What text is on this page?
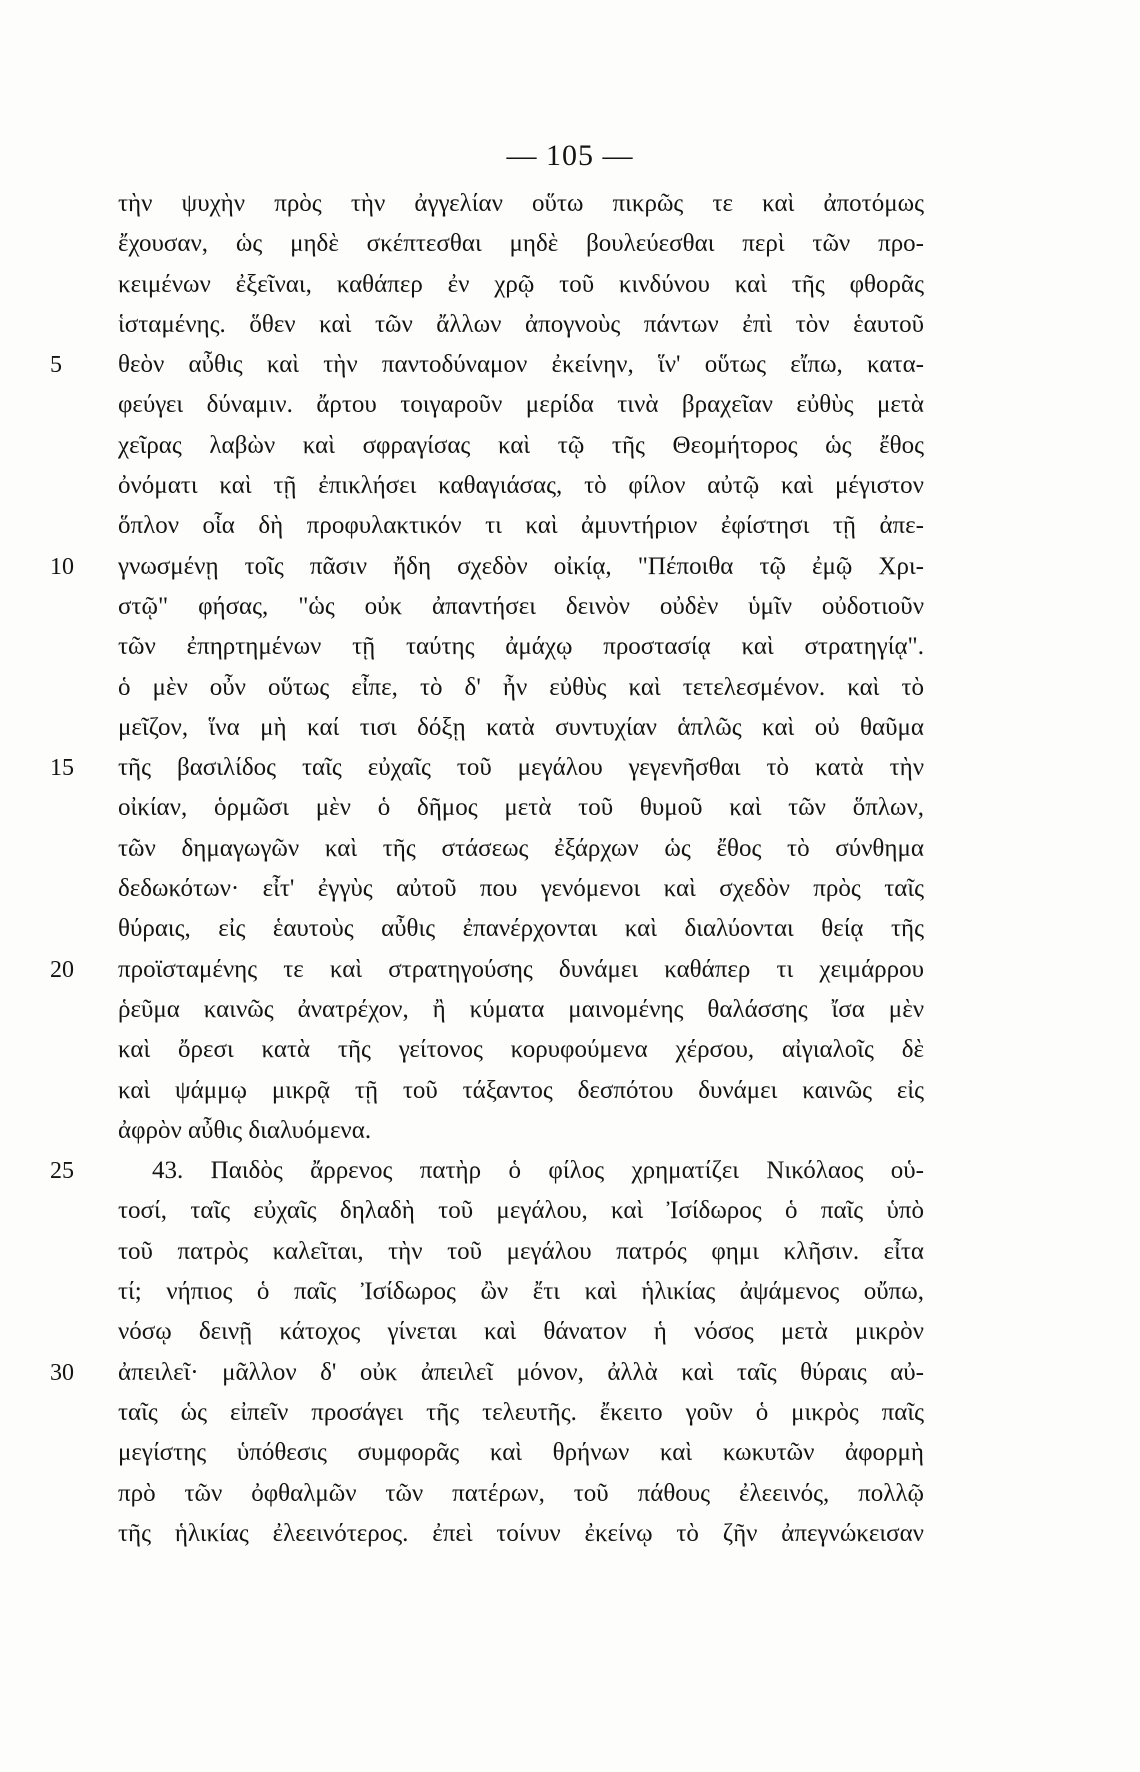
— 105 —
τὴν ψυχὴν πρὸς τὴν ἀγγελίαν οὕτω πικρῶς τε καὶ ἀποτόμως
ἔχουσαν, ὡς μηδὲ σκέπτεσθαι μηδὲ βουλεύεσθαι περὶ τῶν προ-
κειμένων ἐξεῖναι, καθάπερ ἐν χρῷ τοῦ κινδύνου καὶ τῆς φθορᾶς
ἱσταμένης. ὅθεν καὶ τῶν ἄλλων ἀπογνοὺς πάντων ἐπὶ τὸν ἑαυτοῦ
5	θεὸν αὖθις καὶ τὴν παντοδύναμον ἐκείνην, ἵν' οὕτως εἴπω, κατα-
φεύγει δύναμιν. ἄρτου τοιγαροῦν μερίδα τινὰ βραχεῖαν εὐθὺς μετὰ
χεῖρας λαβὼν καὶ σφραγίσας καὶ τῷ τῆς Θεομήτορος ὡς ἔθος
ὀνόματι καὶ τῇ ἐπικλήσει καθαγιάσας, τὸ φίλον αὐτῷ καὶ μέγιστον
ὅπλον οἷα δὴ προφυλακτικόν τι καὶ ἀμυντήριον ἐφίστησι τῇ ἀπε-
10	γνωσμένῃ τοῖς πᾶσιν ἤδη σχεδὸν οἰκίᾳ, "Πέποιθα τῷ ἐμῷ Χρι-
στῷ" φήσας, "ὡς οὐκ ἀπαντήσει δεινὸν οὐδὲν ὑμῖν οὐδοτιοῦν
τῶν ἐπηρτημένων τῇ ταύτης ἀμάχῳ προστασίᾳ καὶ στρατηγίᾳ".
ὁ μὲν οὖν οὕτως εἶπε, τὸ δ' ἦν εὐθὺς καὶ τετελεσμένον. καὶ τὸ
μεῖζον, ἵνα μὴ καί τισι δόξῃ κατὰ συντυχίαν ἁπλῶς καὶ οὐ θαῦμα
15	τῆς βασιλίδος ταῖς εὐχαῖς τοῦ μεγάλου γεγενῆσθαι τὸ κατὰ τὴν
οἰκίαν, ὁρμῶσι μὲν ὁ δῆμος μετὰ τοῦ θυμοῦ καὶ τῶν ὅπλων,
τῶν δημαγωγῶν καὶ τῆς στάσεως ἐξάρχων ὡς ἔθος τὸ σύνθημα
δεδωκότων· εἶτ' ἐγγὺς αὐτοῦ που γενόμενοι καὶ σχεδὸν πρὸς ταῖς
θύραις, εἰς ἑαυτοὺς αὖθις ἐπανέρχονται καὶ διαλύονται θείᾳ τῆς
20	προϊσταμένης τε καὶ στρατηγούσης δυνάμει καθάπερ τι χειμάρρου
ῥεῦμα καινῶς ἀνατρέχον, ἢ κύματα μαινομένης θαλάσσης ἴσα μὲν
καὶ ὄρεσι κατὰ τῆς γείτονος κορυφούμενα χέρσου, αἰγιαλοῖς δὲ
καὶ ψάμμῳ μικρᾷ τῇ τοῦ τάξαντος δεσπότου δυνάμει καινῶς εἰς
ἀφρὸν αὖθις διαλυόμενα.
25	43. Παιδὸς ἄρρενος πατὴρ ὁ φίλος χρηματίζει Νικόλαος οὑ-
τοσί, ταῖς εὐχαῖς δηλαδὴ τοῦ μεγάλου, καὶ Ἰσίδωρος ὁ παῖς ὑπὸ
τοῦ πατρὸς καλεῖται, τὴν τοῦ μεγάλου πατρός φημι κλῆσιν. εἶτα
τί; νήπιος ὁ παῖς Ἰσίδωρος ὢν ἔτι καὶ ἡλικίας ἀψάμενος οὔπω,
νόσῳ δεινῇ κάτοχος γίνεται καὶ θάνατον ἡ νόσος μετὰ μικρὸν
30	ἀπειλεῖ· μᾶλλον δ' οὐκ ἀπειλεῖ μόνον, ἀλλὰ καὶ ταῖς θύραις αὐ-
ταῖς ὡς εἰπεῖν προσάγει τῆς τελευτῆς. ἔκειτο γοῦν ὁ μικρὸς παῖς
μεγίστης ὑπόθεσις συμφορᾶς καὶ θρήνων καὶ κωκυτῶν ἀφορμὴ
πρὸ τῶν ὀφθαλμῶν τῶν πατέρων, τοῦ πάθους ἐλεεινός, πολλῷ
τῆς ἡλικίας ἐλεεινότερος. ἐπεὶ τοίνυν ἐκείνῳ τὸ ζῆν ἀπεγνώκεισαν
